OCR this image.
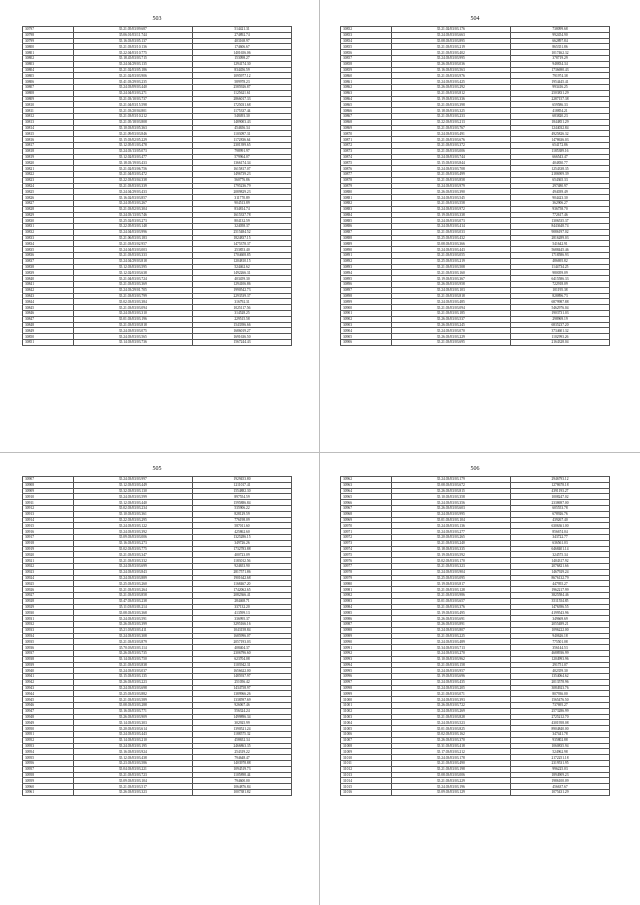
503
30797	35.21.05/03/09.687	514421.31
30798	35.06.01/03/11.744	274892.74
30799	35.16.03/03/05.137	403168.97
30800	35.21.03/03/10.136	174606.67
30801	35.22.04/03/10.775	1401656.06
30802	35.18.45/03/03.715	153098.27
30803	35.24.04/29/03.135	1294174.30
30804	35.21.02/03/05.186	834456.59
30805	35.21.02/03/03.906	1095977.12
30806	35.41.03/29/03.235	589978.23
30807	35.24.03/09/03.440	2585926.87
30808	35.24.04/03/03.271	1125621.61
30809	35.21.03/10/03.737	2866017.33
30810	35.21.04/03/15.598	1725031.68
30811	35.21.03/20/04.801	1175337.44
30812	35.21.03/03/10.212	548493.30
30813	35.21.05/18/03.808	1489003.43
30814	35.10.03/03/05.363	454656.34
30815	35.21.09/03/03.846	1103097.31
30816	35.15.03/02/05.229	1172836.64
30817	35.12.05/01/03.478	2301399.65
30818	35.24.03/13/05.073	798991.97
30819	35.12.02/03/03.477	579964.07
30820	35.18.03/19/03.433	1366174.34
30821	35.21.02/03/06.756	1615817.07
30822	35.21.04/03/03.472	1496739.23
30823	35.22.03/03/04.338	560776.86
30824	35.21.03/03/03.339	1795236.79
30825	35.24.04/29/03.433	2089829.23
30826	35.16.02/03/03.857	311770.89
30827	35.24.05/03/03.267	904513.89
30828	35.21.03/02/03.304	834814.74
30829	35.24.03/13/03.746	1615337.78
30830	35.25.02/03/03.273	804132.59
30831	35.22.05/03/03.148	324058.37
30832	35.24.04/03/03.996	2515484.52
30833	35.21.06/03/03.183	1824837.15
30834	35.21.03/03/02.957	1475378.37
30835	35.24.04/03/03.003	253853.40
30836	35.21.03/03/03.333	1704608.85
30837	35.24.04/29/03.818	1204810.15
30838	35.12.03/03/03.595	524462.62
30839	35.12.02/03/03.638	1492266.31
30840	35.21.04/03/03.724	403459.30
30841	35.21.03/03/03.369	1294106.86
30842	35.24.03/29/01.705	1990542.73
30843	35.21.03/03/03.799	2293539.37
30844	35.02.03/03/03.384	316792.31
30845	35.21.03/03/03.094	1025117.56
30846	35.24.03/03/03.310	314528.25
30847	35.01.03/03/03.196	229515.58
30848	35.21.03/03/03.818	1543396.66
30849	35.24.03/03/03.075	1686019.27
30850	35.24.03/03/03.565	1691636.50
30851	35.14.03/03/03.736	1567244.43
504
30852	35.21.02/03/03.176	738099.68
30853	35.24.03/03/03.663	992454.90
30854	35.08.03/03/03.895	662897.84
30855	35.21.03/03/03.219	865351.86
30856	35.21.03/03/03.402	1017462.32
30857	35.24.03/03/03.995	378719.29
30858	35.26.03/03/03.036	948834.34
30859	35.16.03/03/03.563	1736690.43
30860	35.21.03/03/03.976	791974.38
30861	35.24.03/03/03.425	1954445.41
30862	35.26.03/03/03.292	993416.25
30863	35.21.03/03/03.812	2503831.29
30864	35.19.03/03/03.336	2287157.38
30865	35.21.03/03/03.398	659586.33
30866	35.18.03/03/03.325	418854.21
30867	35.21.03/03/03.233	683820.23
30868	35.22.03/03/03.213	1844851.29
30869	35.21.03/03/03.767	1244032.84
30870	35.24.03/03/03.491	4925826.32
30871	35.21.03/03/03.676	1478636.03
30872	35.21.03/03/03.372	654172.86
30873	35.21.03/03/03.006	1185389.16
30874	35.24.03/03/03.744	666543.47
30875	35.15.03/03/03.844	404830.77
30876	35.24.03/03/03.708	1254338.35
30877	35.21.03/03/03.499	2186909.39
30878	35.21.03/03/03.858	654365.33
30879	35.24.03/03/03.979	297480.97
30880	35.26.03/03/03.390	494039.49
30881	35.24.03/03/03.545	904423.30
30882	35.21.03/03/03.558	362906.27
30883	35.24.03/03/03.972	936758.70
30884	35.19.03/03/03.338	772617.46
30885	35.24.03/03/03.073	1306535.37
30886	35.24.03/03/03.414	8443648.74
30887	35.21.03/03/03.033	9086197.02
30888	35.25.03/03/03.432	2816289.03
30889	35.08.03/03/03.366	541642.91
30890	35.24.03/03/03.443	5688445.46
30891	35.21.03/03/03.055	1718586.93
30892	35.25.03/03/03.219	486695.82
30893	35.21.03/03/03.508	1144734.25
30894	35.21.03/03/03.160	980059.09
30895	35.19.03/03/03.367	6415586.33
30896	35.26.03/03/03.958	722918.09
30897	35.24.03/03/03.103	101195.38
30898	35.21.03/03/03.818	828896.73
30899	35.24.03/03/03.485	6879987.88
30900	35.21.03/03/03.094	5462976.04
30901	35.21.03/03/03.185	1903731.03
30902	35.26.03/03/03.537	298969.19
30903	35.26.03/03/03.245	6835237.20
30904	35.24.03/03/03.070	3734601.32
30905	35.26.03/03/03.229	1102993.26
30906	35.21.03/03/03.695	2164328.04
505
30907	35.24.03/03/03.997	1929453.80
30908	35.12.03/03/03.449	1211017.41
30909	35.32.03/03/03.130	1554882.30
30910	35.24.03/03/03.599	897554.59
30911	35.12.03/03/03.440	1595886.84
30912	35.02.03/03/03.234	535906.22
30913	35.10.03/03/03.361	828129.59
30914	35.22.03/03/03.295	776198.09
30915	35.24.03/03/03.122	587011.60
30916	35.24.03/03/03.392	425862.60
30917	35.09.03/03/03.006	1325286.15
30918	35.16.03/03/03.273	349726.26
30919	35.02.03/03/03.775	1732783.88
30920	35.21.03/03/03.347	400723.09
30921	35.21.03/03/03.332	1183012.56
30922	35.24.03/03/03.699	924653.90
30923	35.24.03/03/03.843	2817571.86
30924	35.24.03/03/03.889	1901642.68
30925	35.25.03/03/03.260	1168467.20
30926	35.21.03/03/03.264	1742062.65
30927	35.21.03/03/03.858	2082366.41
30928	35.47.03/03/03.238	284468.71
30929	35.11.03/03/03.214	337132.20
30930	35.08.03/03/03.368	413599.13
30931	35.24.03/03/03.591	336995.37
30932	35.26.03/03/03.399	3295166.16
30933	35.21.03/03/03.411	1043158.84
30934	35.24.03/03/03.308	1685996.07
30935	35.21.03/03/03.879	2057193.03
30936	35.70.03/03/03.114	408404.37
30937	35.26.03/03/03.735	2306796.60
30938	35.14.03/03/03.750	623704.08
30939	35.21.03/03/03.838	1103942.31
30940	35.24.03/03/03.037	1656622.00
30941	35.15.03/03/03.135	1485937.97
30942	35.26.03/03/03.223	251056.42
30943	35.24.03/03/03.698	1434758.97
30944	35.25.03/03/03.882	1389966.26
30945	35.21.03/03/03.589	1338597.69
30946	35.08.03/03/03.288	926067.46
30947	35.16.03/03/03.771	556324.24
30948	35.26.03/03/03.909	1499896.34
30949	35.14.03/03/03.303	302925.99
30950	35.20.03/03/03.614	1390521.24
30951	35.24.03/03/03.443	1188575.32
30952	35.14.03/03/03.210	458652.34
30953	35.24.03/03/03.195	2466863.35
30954	35.16.03/03/03.924	254319.22
30955	35.12.03/03/03.438	794648.47
30956	35.23.03/03/03.586	1403978.88
30957	35.04.03/03/03.221	1094519.73
30958	35.21.03/03/03.723	1105898.44
30959	35.09.03/03/03.104	794600.00
30960	35.21.03/03/03.517	1064876.84
30961	35.26.03/03/03.323	1007381.82
506
30962	35.24.03/03/03.179	2946793.12
30963	35.08.03/03/03.672	1278678.18
30964	35.26.03/03/03.815	4391193.27
30965	35.10.03/03/03.358	1008247.02
30966	35.24.03/03/03.356	2338697.00
30967	35.26.03/03/03.603	605553.78
30968	35.24.03/03/03.995	678926.76
30969	35.01.03/03/03.104	439267.40
30970	35.24.03/03/03.136	6306361.00
30971	35.24.03/03/03.277	856674.04
30972	35.20.03/03/03.265	343722.77
30973	35.21.03/03/03.240	636561.03
30974	35.18.03/03/03.335	6468401.14
30975	35.19.03/03/03.592	324575.34
30976	35.02.03/03/03.170	1404317.92
30977	35.21.03/03/03.323	2076821.66
30978	35.24.03/03/03.904	1467929.24
30979	35.25.03/03/03.095	8676132.79
30980	35.19.03/03/03.817	447955.27
30981	35.21.03/03/03.128	1962217.99
30982	35.21.03/03/03.986	3825584.46
30983	35.01.03/03/03.657	3511554.85
30984	35.21.03/03/03.376	1476396.55
30985	35.19.03/03/03.495	4199543.96
30986	35.26.03/03/03.691	349669.69
30987	35.26.03/03/03.891	2055489.21
30988	35.24.03/03/03.807	1096222.00
30989	35.21.03/03/03.225	940626.18
30990	35.24.03/03/03.489	775501.08
30991	35.34.03/03/03.713	356144.53
30992	35.24.03/03/03.270	4688936.99
30993	35.10.03/03/03.962	1204993.96
30994	35.21.03/03/03.158	291751.07
30995	35.24.03/03/03.957	402359.30
30996	35.19.03/03/03.696	1354064.62
30997	35.24.03/03/03.435	2013578.96
30998	35.24.03/03/03.205	3084923.76
30999	35.21.03/03/03.071	807936.00
31000	35.24.03/03/03.393	1565476.50
31001	35.26.03/03/03.722	737695.27
31002	35.24.03/03/03.269	2573286.99
31003	35.21.03/03/03.828	2725212.70
31004	35.24.03/03/03.523	4301958.08
31005	35.01.03/03/03.825	8904840.00
31006	35.02.03/03/03.162	347441.78
31007	35.26.03/03/03.370	935802.88
31008	35.31.03/03/03.418	1060835.94
31009	35.17.03/03/03.212	524962.98
31010	35.24.03/03/03.178	2172251.18
31011	35.21.03/03/03.490	2319531.95
31012	35.21.03/03/03.198	996225.03
31013	35.08.03/03/03.006	1894909.23
31014	35.21.03/03/03.229	1986100.09
31015	35.24.03/03/03.196	456637.67
31016	35.09.03/03/03.129	1075431.29
